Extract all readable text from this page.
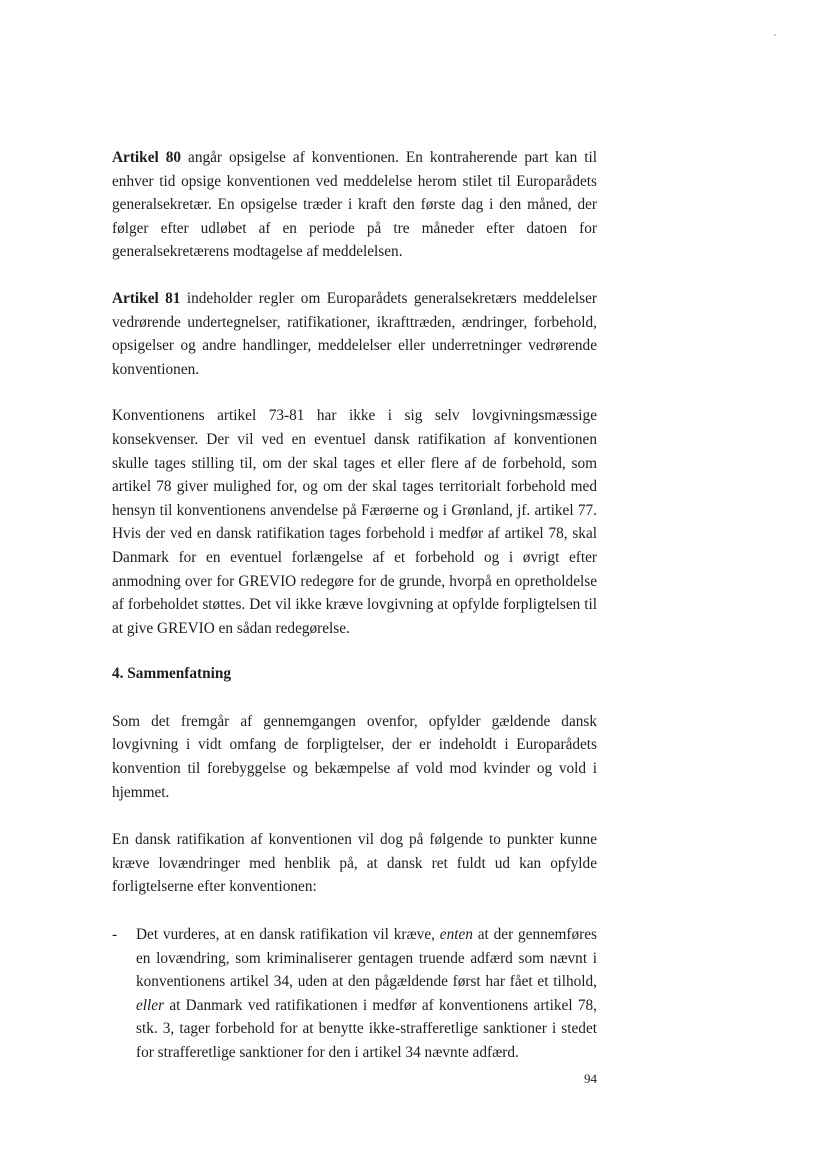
Artikel 80 angår opsigelse af konventionen. En kontraherende part kan til enhver tid opsige konventionen ved meddelelse herom stilet til Europarådets generalsekretær. En opsigelse træder i kraft den første dag i den måned, der følger efter udløbet af en periode på tre måneder efter datoen for generalsekretærens modtagelse af meddelelsen.

Artikel 81 indeholder regler om Europarådets generalsekretærs meddelelser vedrørende undertegnelser, ratifikationer, ikrafttræden, ændringer, forbehold, opsigelser og andre handlinger, meddelelser eller underretninger vedrørende konventionen.

Konventionens artikel 73-81 har ikke i sig selv lovgivningsmæssige konsekvenser. Der vil ved en eventuel dansk ratifikation af konventionen skulle tages stilling til, om der skal tages et eller flere af de forbehold, som artikel 78 giver mulighed for, og om der skal tages territorialt forbehold med hensyn til konventionens anvendelse på Færøerne og i Grønland, jf. artikel 77. Hvis der ved en dansk ratifikation tages forbehold i medfør af artikel 78, skal Danmark for en eventuel forlængelse af et forbehold og i øvrigt efter anmodning over for GREVIO redegøre for de grunde, hvorpå en opretholdelse af forbeholdet støttes. Det vil ikke kræve lovgivning at opfylde forpligtelsen til at give GREVIO en sådan redegørelse.

4. Sammenfatning

Som det fremgår af gennemgangen ovenfor, opfylder gældende dansk lovgivning i vidt omfang de forpligtelser, der er indeholdt i Europarådets konvention til forebyggelse og bekæmpelse af vold mod kvinder og vold i hjemmet.

En dansk ratifikation af konventionen vil dog på følgende to punkter kunne kræve lovændringer med henblik på, at dansk ret fuldt ud kan opfylde forligtelserne efter konventionen:

- Det vurderes, at en dansk ratifikation vil kræve, enten at der gennemføres en lovændring, som kriminaliserer gentagen truende adfærd som nævnt i konventionens artikel 34, uden at den pågældende først har fået et tilhold, eller at Danmark ved ratifikationen i medfør af konventionens artikel 78, stk. 3, tager forbehold for at benytte ikke-strafferetlige sanktioner i stedet for strafferetlige sanktioner for den i artikel 34 nævnte adfærd.
94
